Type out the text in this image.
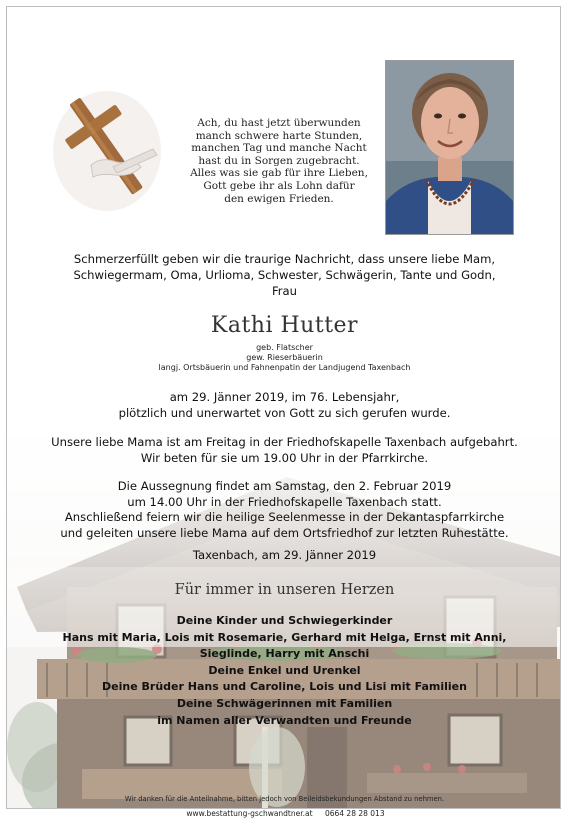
Ach, du hast jetzt überwunden
manch schwere harte Stunden,
manchen Tag und manche Nacht
hast du in Sorgen zugebracht.
Alles was sie gab für ihre Lieben,
Gott gebe ihr als Lohn dafür
den ewigen Frieden.
Schmerzerfüllt geben wir die traurige Nachricht, dass unsere liebe Mam,
Schwiegermam, Oma, Urlioma, Schwester, Schwägerin, Tante und Godn,
Frau
Kathi Hutter
geb. Flatscher
gew. Rieserbäuerin
langj. Ortsbäuerin und Fahnenpatin der Landjugend Taxenbach
am 29. Jänner 2019, im 76. Lebensjahr,
plötzlich und unerwartet von Gott zu sich gerufen wurde.
Unsere liebe Mama ist am Freitag in der Friedhofskapelle Taxenbach aufgebahrt.
Wir beten für sie um 19.00 Uhr in der Pfarrkirche.
Die Aussegnung findet am Samstag, den 2. Februar 2019
um 14.00 Uhr in der Friedhofskapelle Taxenbach statt.
Anschließend feiern wir die heilige Seelenmesse in der Dekantaspfarrkirche
und geleiten unsere liebe Mama auf dem Ortsfriedhof zur letzten Ruhestätte.
Taxenbach, am 29. Jänner 2019
Für immer in unseren Herzen
Deine Kinder und Schwiegerkinder
Hans mit Maria, Lois mit Rosemarie, Gerhard mit Helga, Ernst mit Anni,
Sieglinde, Harry mit Anschi
Deine Enkel und Urenkel
Deine Brüder Hans und Caroline, Lois und Lisi mit Familien
Deine Schwägerinnen mit Familien
im Namen aller Verwandten und Freunde
Wir danken für die Anteilnahme, bitten jedoch von Beileidsbekundungen Abstand zu nehmen.
www.bestattung-gschwandtner.at 0664 28 28 013
